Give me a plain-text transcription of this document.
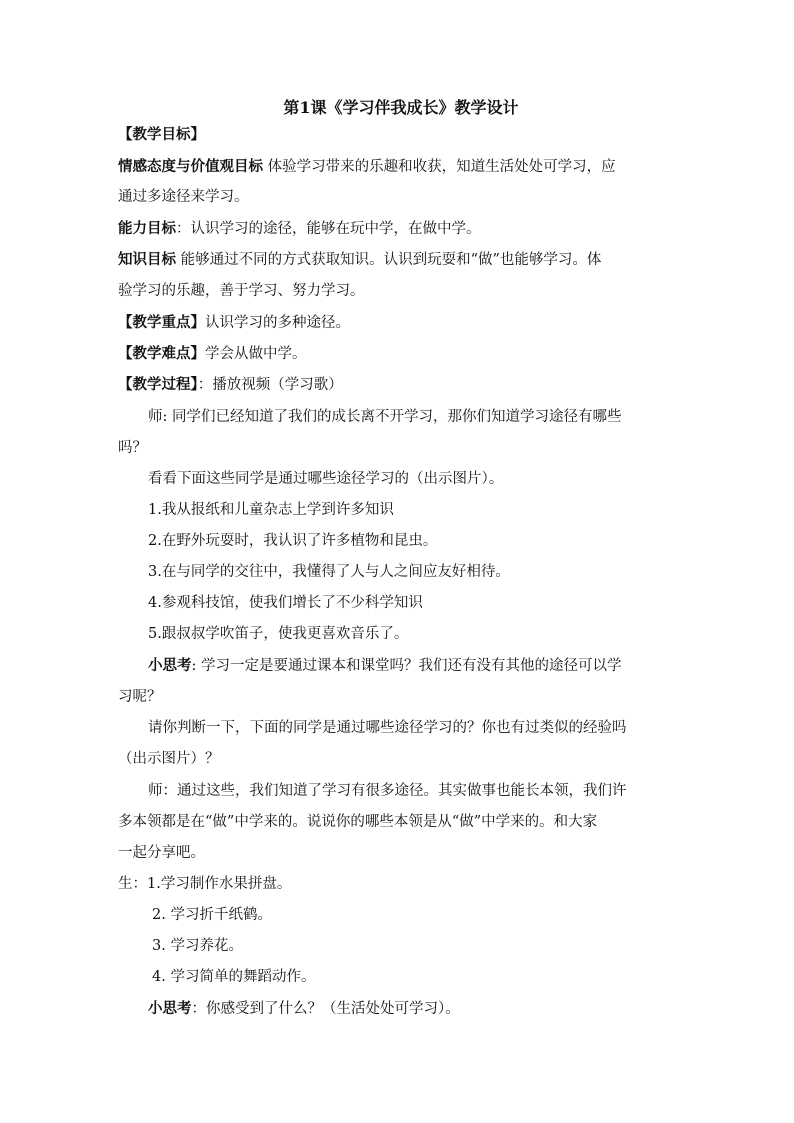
第1课《学习伴我成长》教学设计
【教学目标】
情感态度与价值观目标 体验学习带来的乐趣和收获，知道生活处处可学习，应
通过多途径来学习。
能力目标：认识学习的途径，能够在玩中学，在做中学。
知识目标 能够通过不同的方式获取知识。认识到玩耍和“做”也能够学习。体
验学习的乐趣，善于学习、努力学习。
【教学重点】认识学习的多种途径。
【教学难点】学会从做中学。
【教学过程】：播放视频（学习歌）
师: 同学们已经知道了我们的成长离不开学习，那你们知道学习途径有哪些
吗？
看看下面这些同学是通过哪些途径学习的（出示图片）。
1.我从报纸和儿童杂志上学到许多知识
2.在野外玩耍时，我认识了许多植物和昆虫。
3.在与同学的交往中，我懂得了人与人之间应友好相待。
4.参观科技馆，使我们增长了不少科学知识
5.跟叔叔学吹笛子，使我更喜欢音乐了。
小思考: 学习一定是要通过课本和课堂吗？我们还有没有其他的途径可以学
习呢？
请你判断一下，下面的同学是通过哪些途径学习的？你也有过类似的经验吗
（出示图片）？
师：通过这些，我们知道了学习有很多途径。其实做事也能长本领，我们许
多本领都是在“做”中学来的。说说你的哪些本领是从“做”中学来的。和大家
一起分享吧。
生：1.学习制作水果拼盘。
2. 学习折千纸鹤。
3. 学习养花。
4. 学习简单的舞蹈动作。
小思考：你感受到了什么？（生活处处可学习）。
